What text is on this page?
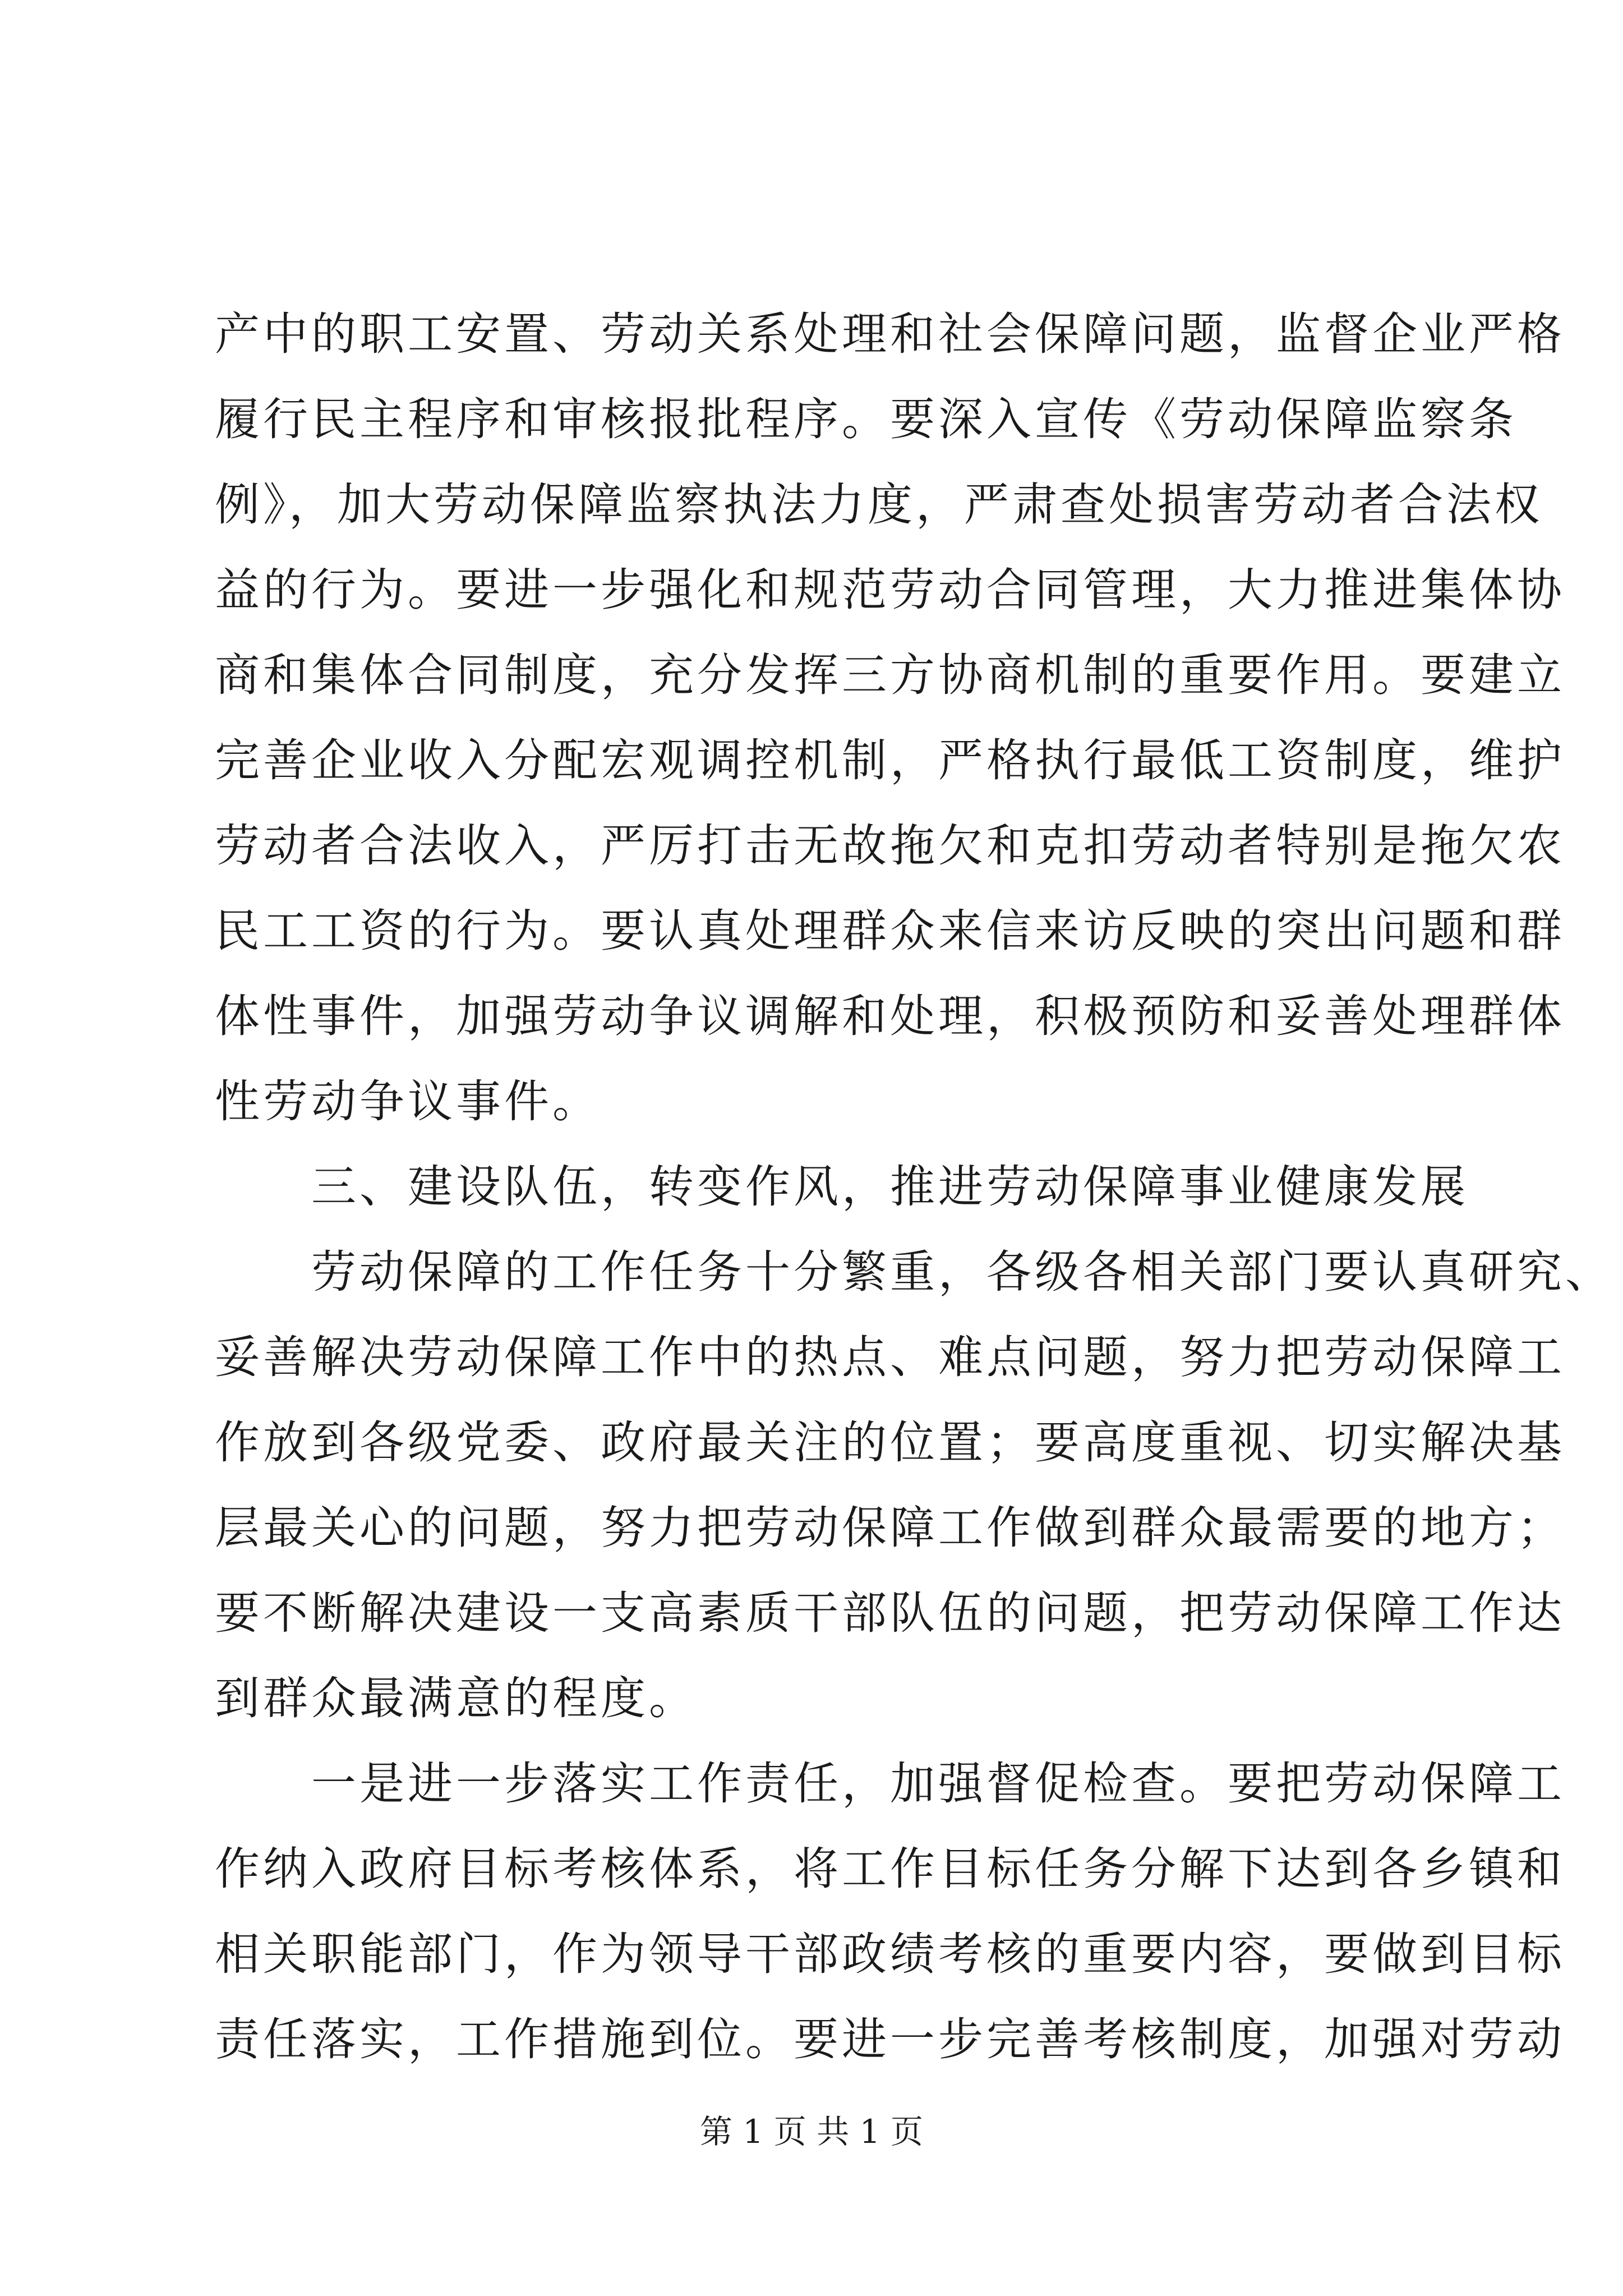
产中的职工安置、劳动关系处理和社会保障问题，监督企业严格
履行民主程序和审核报批程序。要深入宣传《劳动保障监察条
例》，加大劳动保障监察执法力度，严肃查处损害劳动者合法权
益的行为。要进一步强化和规范劳动合同管理，大力推进集体协
商和集体合同制度，充分发挥三方协商机制的重要作用。要建立
完善企业收入分配宏观调控机制，严格执行最低工资制度，维护
劳动者合法收入，严厉打击无故拖欠和克扣劳动者特别是拖欠农
民工工资的行为。要认真处理群众来信来访反映的突出问题和群
体性事件，加强劳动争议调解和处理，积极预防和妥善处理群体
性劳动争议事件。
　　三、建设队伍，转变作风，推进劳动保障事业健康发展
　　劳动保障的工作任务十分繁重，各级各相关部门要认真研究、
妥善解决劳动保障工作中的热点、难点问题，努力把劳动保障工
作放到各级党委、政府最关注的位置；要高度重视、切实解决基
层最关心的问题，努力把劳动保障工作做到群众最需要的地方；
要不断解决建设一支高素质干部队伍的问题，把劳动保障工作达
到群众最满意的程度。
　　一是进一步落实工作责任，加强督促检查。要把劳动保障工
作纳入政府目标考核体系，将工作目标任务分解下达到各乡镇和
相关职能部门，作为领导干部政绩考核的重要内容，要做到目标
责任落实，工作措施到位。要进一步完善考核制度，加强对劳动
第 1 页 共 1 页
